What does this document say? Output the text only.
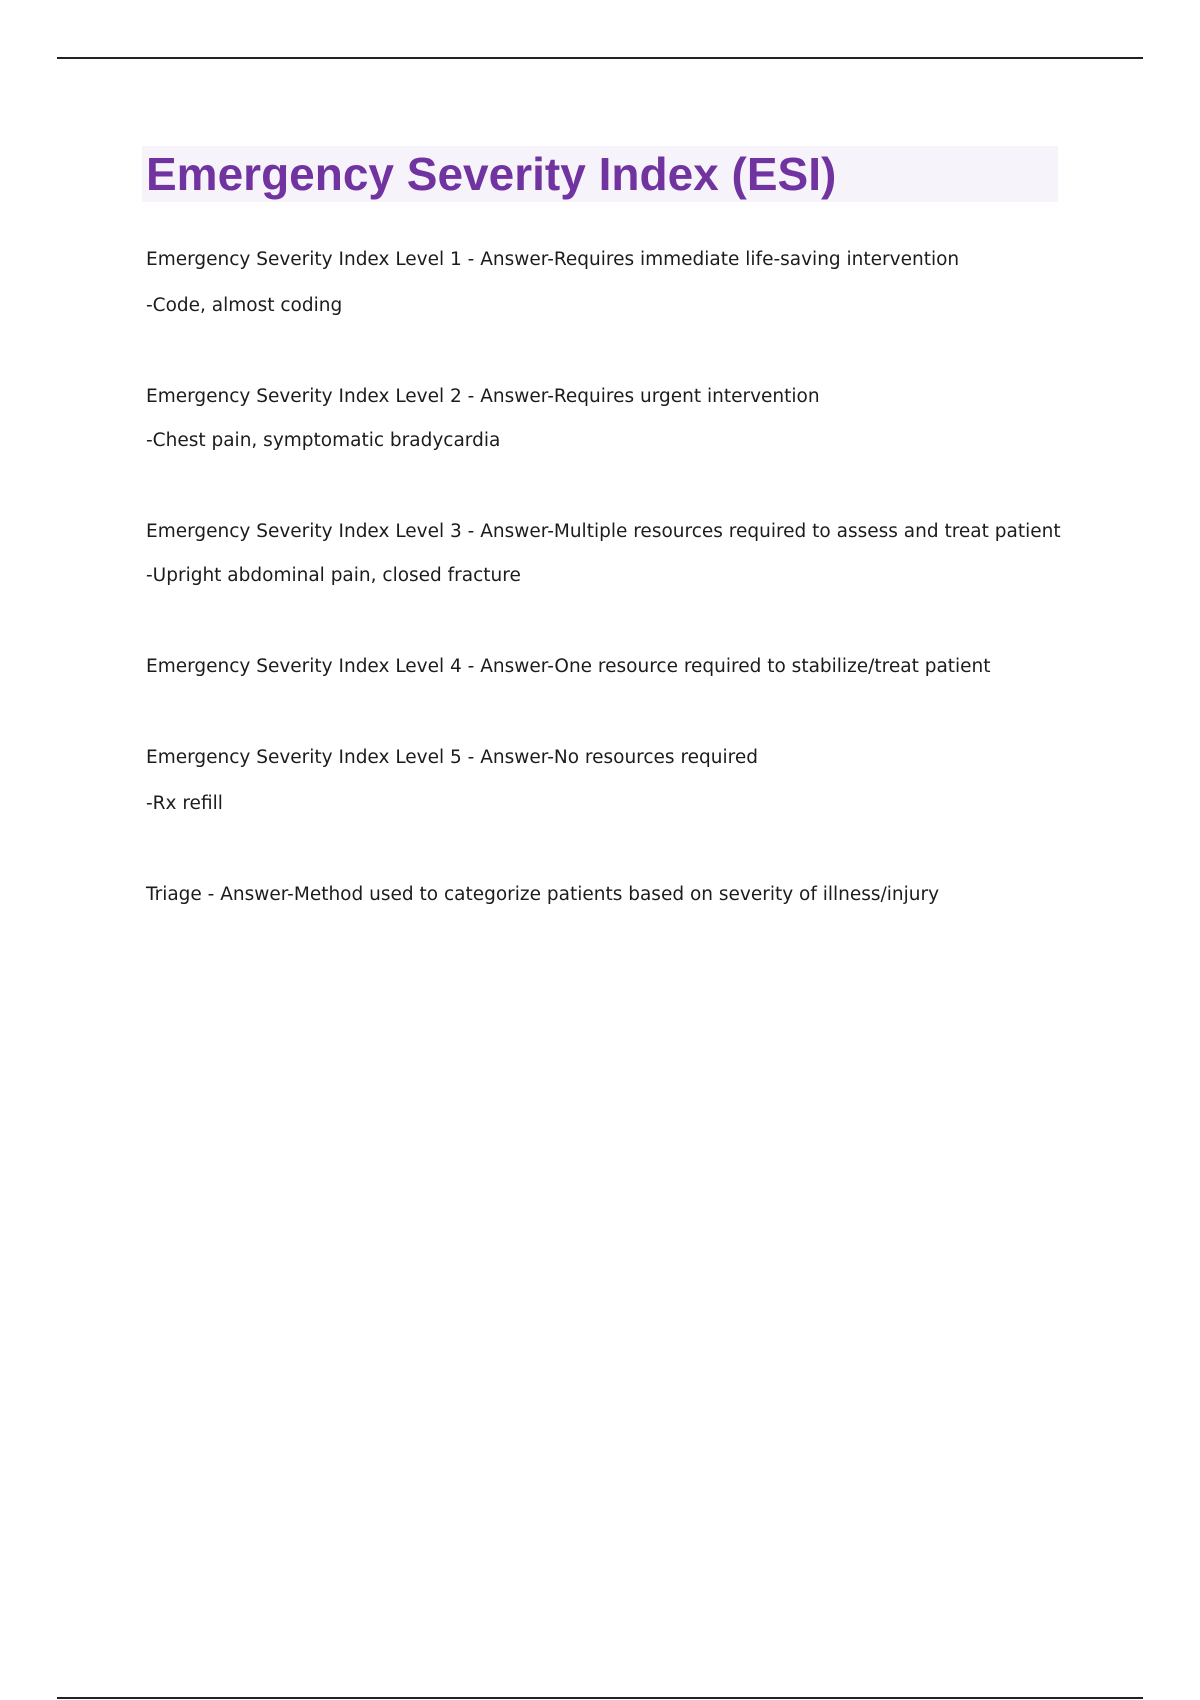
Emergency Severity Index (ESI)

Emergency Severity Index Level 1 - Answer-Requires immediate life-saving intervention

-Code, almost coding

Emergency Severity Index Level 2 - Answer-Requires urgent intervention

-Chest pain, symptomatic bradycardia

Emergency Severity Index Level 3 - Answer-Multiple resources required to assess and treat patient

-Upright abdominal pain, closed fracture

Emergency Severity Index Level 4 - Answer-One resource required to stabilize/treat patient

Emergency Severity Index Level 5 - Answer-No resources required

-Rx refill

Triage - Answer-Method used to categorize patients based on severity of illness/injury
